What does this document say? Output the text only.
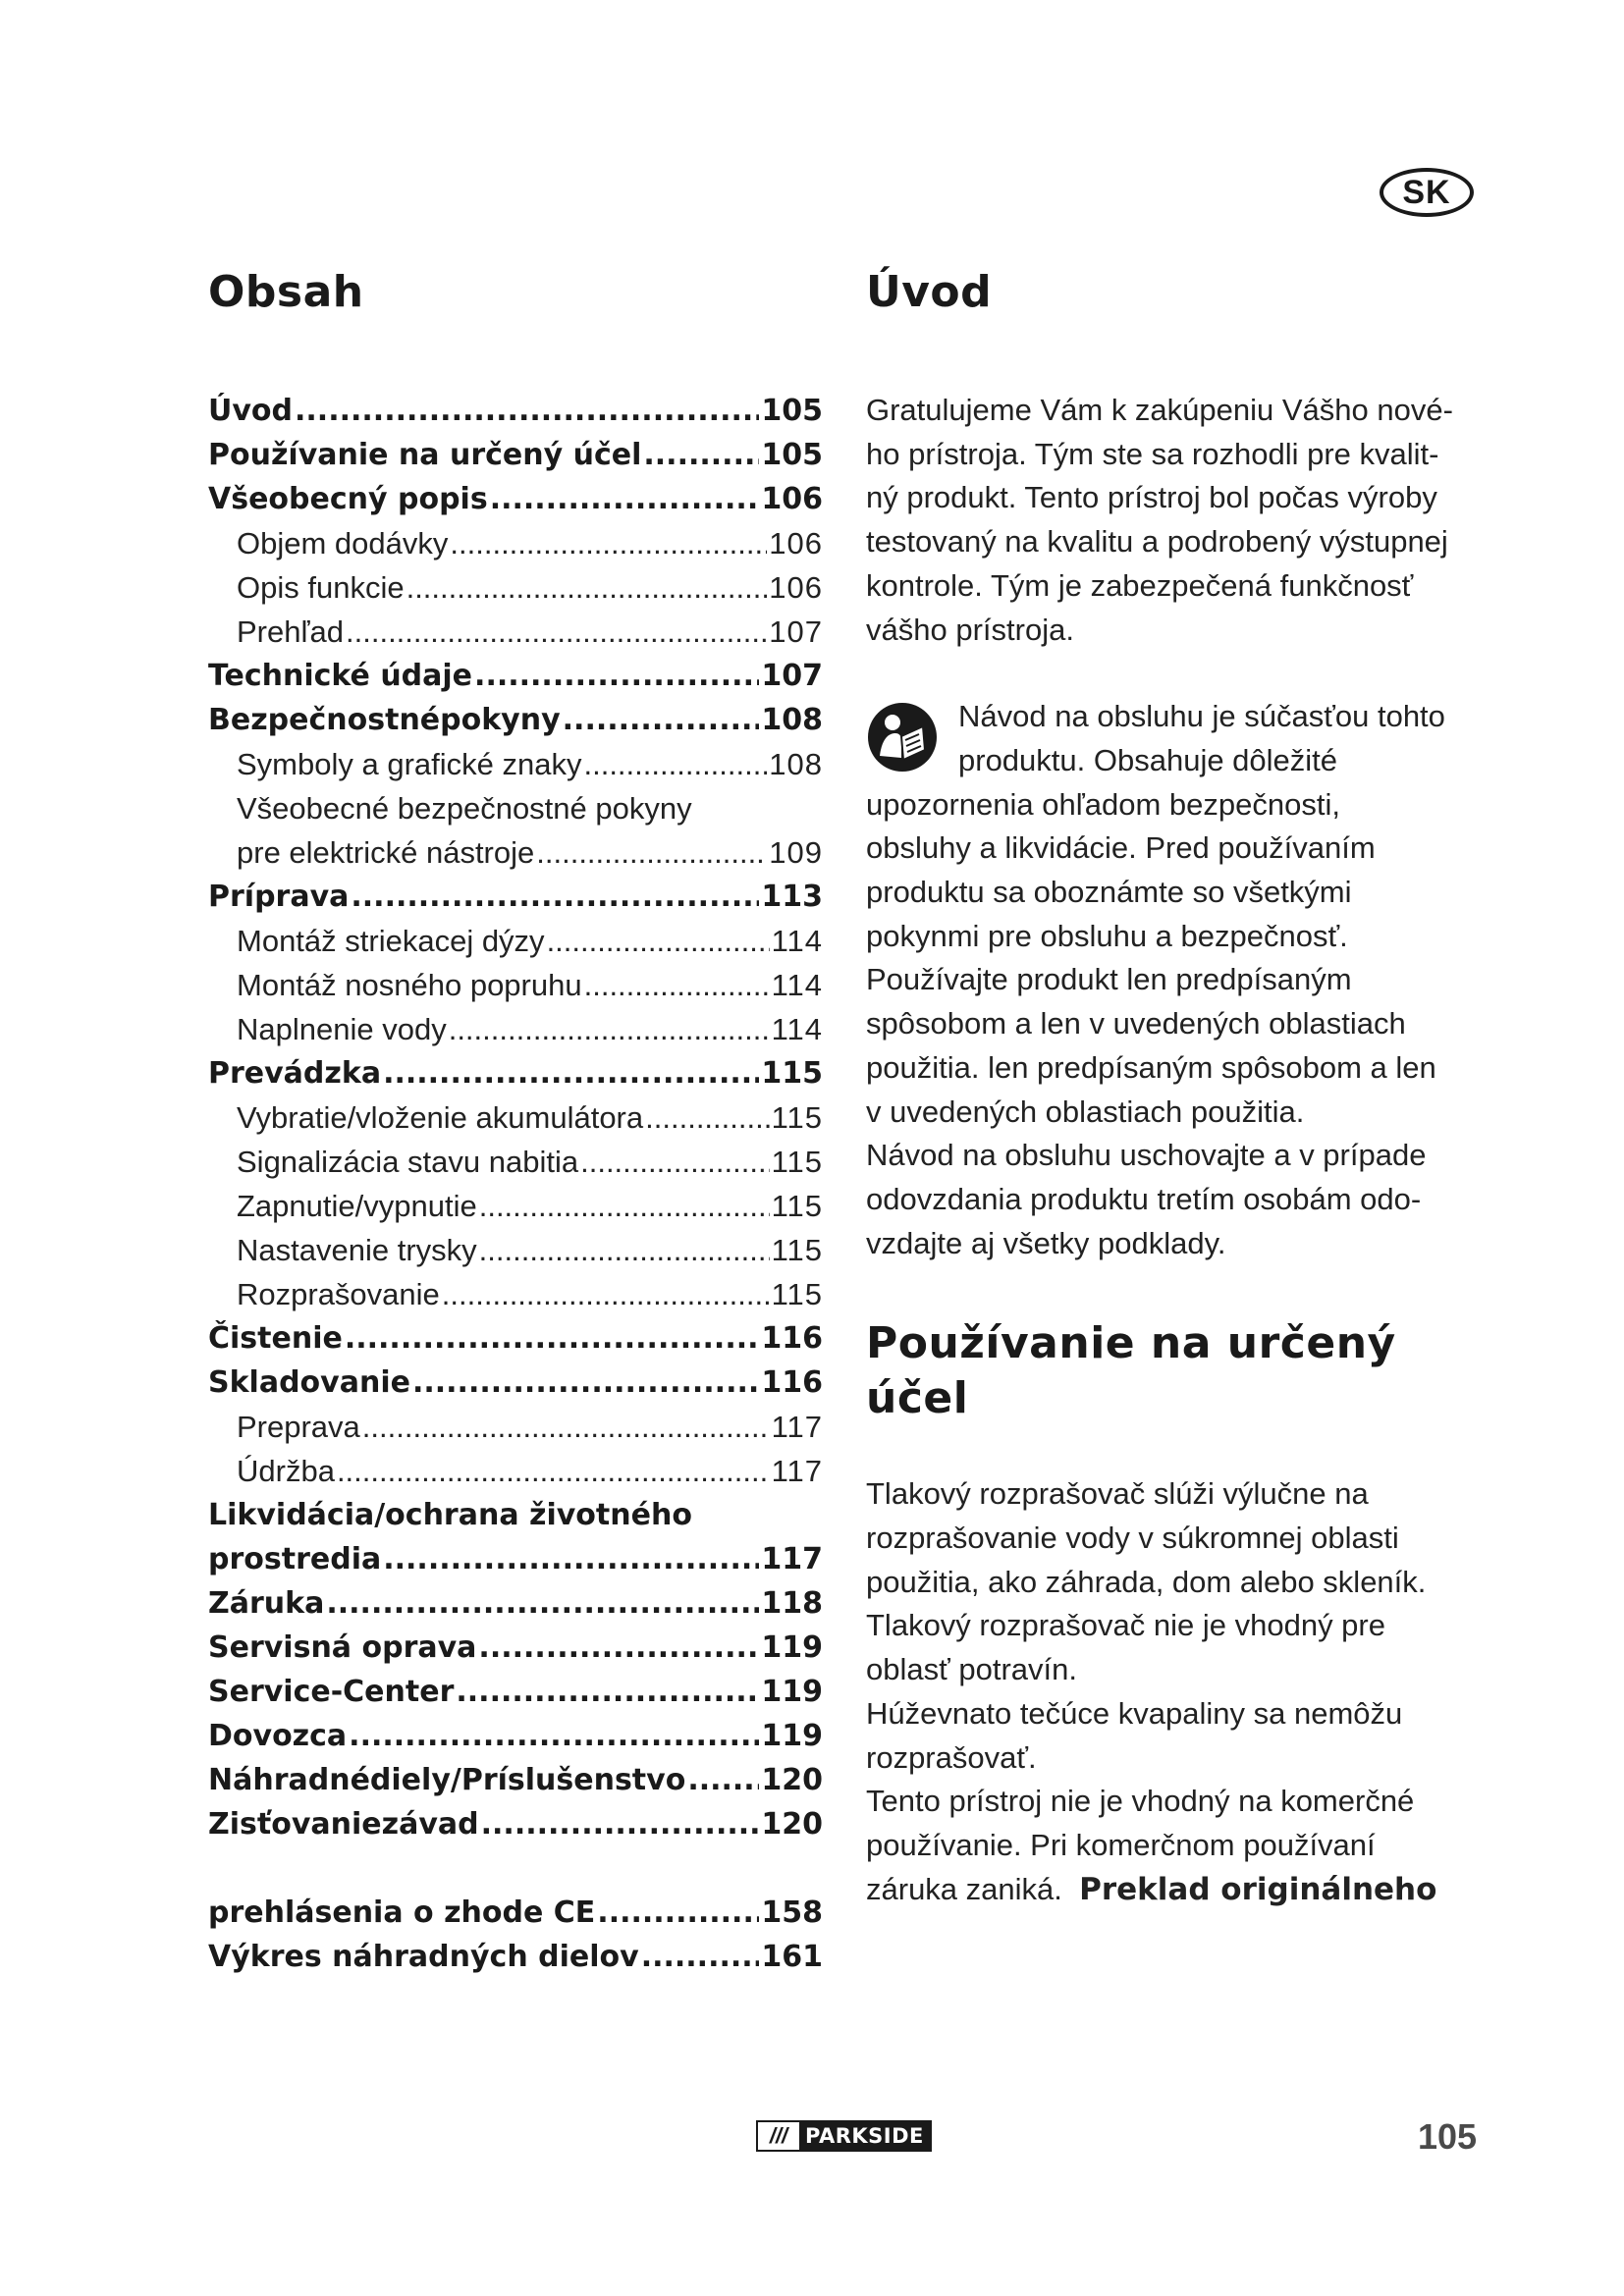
SK
Obsah
Úvod .....	105
Používanie na určený účel .....	105
Všeobecný popis .....	106
Objem dodávky .....	106
Opis funkcie .....	106
Prehľad .....	107
Technické údaje .....	107
Bezpečnostnépokyny .....	108
Symboly a grafické znaky .....	108
Všeobecné bezpečnostné pokyny
pre elektrické nástroje .....	109
Príprava .....	113
Montáž striekacej dýzy .....	114
Montáž nosného popruhu .....	114
Naplnenie vody .....	114
Prevádzka .....	115
Vybratie/vloženie akumulátora .....	115
Signalizácia stavu nabitia .....	115
Zapnutie/vypnutie .....	115
Nastavenie trysky .....	115
Rozprašovanie .....	115
Čistenie .....	116
Skladovanie .....	116
Preprava .....	117
Údržba .....	117
Likvidácia/ochrana životného
prostredia .....	117
Záruka .....	118
Servisná oprava .....	119
Service-Center .....	119
Dovozca .....	119
Náhradnédiely/Príslušenstvo .....	120
Zisťovaniezávad .....	120
prehlásenia o zhode CE .....	158
Výkres náhradných dielov .....	161
Úvod

Gratulujeme Vám k zakúpeniu Vášho nové-

ho prístroja. Tým ste sa rozhodli pre kvalit-

ný produkt. Tento prístroj bol počas výroby

testovaný na kvalitu a podrobený výstupnej

kontrole. Tým je zabezpečená funkčnosť

vášho prístroja.

Návod na obsluhu je súčasťou tohto

produktu. Obsahuje dôležité

upozornenia ohľadom bezpečnosti,

obsluhy a likvidácie. Pred používaním

produktu sa oboznámte so všetkými

pokynmi pre obsluhu a bezpečnosť.

Používajte produkt len predpísaným

spôsobom a len v uvedených oblastiach

použitia. len predpísaným spôsobom a len

v uvedených oblastiach použitia.

Návod na obsluhu uschovajte a v prípade

odovzdania produktu tretím osobám odo-

vzdajte aj všetky podklady.

Používanie na určený
účel

Tlakový rozprašovač slúži výlučne na

rozprašovanie vody v súkromnej oblasti

použitia, ako záhrada, dom alebo skleník.

Tlakový rozprašovač nie je vhodný pre

oblasť potravín.

Húževnato tečúce kvapaliny sa nemôžu

rozprašovať.

Tento prístroj nie je vhodný na komerčné

používanie. Pri komerčnom používaní

záruka zaniká. Preklad originálneho

/// PARKSIDE	105
